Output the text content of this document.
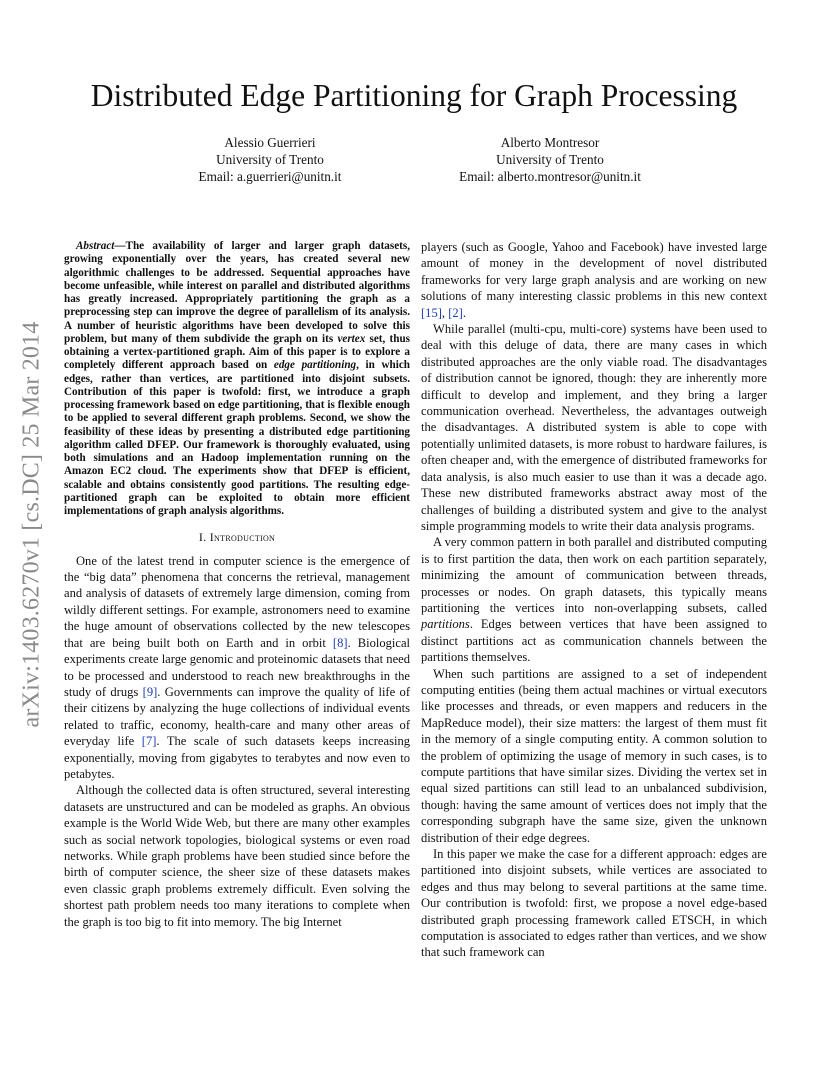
arXiv:1403.6270v1 [cs.DC] 25 Mar 2014
Distributed Edge Partitioning for Graph Processing
Alessio Guerrieri
University of Trento
Email: a.guerrieri@unitn.it
Alberto Montresor
University of Trento
Email: alberto.montresor@unitn.it

Abstract—The availability of larger and larger graph datasets, growing exponentially over the years, has created several new algorithmic challenges to be addressed. Sequential approaches have become unfeasible, while interest on parallel and distributed algorithms has greatly increased. Appropriately partitioning the graph as a preprocessing step can improve the degree of parallelism of its analysis. A number of heuristic algorithms have been developed to solve this problem, but many of them subdivide the graph on its vertex set, thus obtaining a vertex-partitioned graph. Aim of this paper is to explore a completely different approach based on edge partitioning, in which edges, rather than vertices, are partitioned into disjoint subsets. Contribution of this paper is twofold: first, we introduce a graph processing framework based on edge partitioning, that is flexible enough to be applied to several different graph problems. Second, we show the feasibility of these ideas by presenting a distributed edge partitioning algorithm called DFEP. Our framework is thoroughly evaluated, using both simulations and an Hadoop implementation running on the Amazon EC2 cloud. The experiments show that DFEP is efficient, scalable and obtains consistently good partitions. The resulting edge-partitioned graph can be exploited to obtain more efficient implementations of graph analysis algorithms.

I. Introduction

One of the latest trend in computer science is the emergence of the “big data” phenomena that concerns the retrieval, management and analysis of datasets of extremely large dimension, coming from wildly different settings. For example, astronomers need to examine the huge amount of observations collected by the new telescopes that are being built both on Earth and in orbit [8]. Biological experiments create large genomic and proteinomic datasets that need to be processed and understood to reach new breakthroughs in the study of drugs [9]. Governments can improve the quality of life of their citizens by analyzing the huge collections of individual events related to traffic, economy, health-care and many other areas of everyday life [7]. The scale of such datasets keeps increasing exponentially, moving from gigabytes to terabytes and now even to petabytes.

Although the collected data is often structured, several interesting datasets are unstructured and can be modeled as graphs. An obvious example is the World Wide Web, but there are many other examples such as social network topologies, biological systems or even road networks. While graph problems have been studied since before the birth of computer science, the sheer size of these datasets makes even classic graph problems extremely difficult. Even solving the shortest path problem needs too many iterations to complete when the graph is too big to fit into memory. The big Internet

players (such as Google, Yahoo and Facebook) have invested large amount of money in the development of novel distributed frameworks for very large graph analysis and are working on new solutions of many interesting classic problems in this new context [15], [2].

While parallel (multi-cpu, multi-core) systems have been used to deal with this deluge of data, there are many cases in which distributed approaches are the only viable road. The disadvantages of distribution cannot be ignored, though: they are inherently more difficult to develop and implement, and they bring a larger communication overhead. Nevertheless, the advantages outweigh the disadvantages. A distributed system is able to cope with potentially unlimited datasets, is more robust to hardware failures, is often cheaper and, with the emergence of distributed frameworks for data analysis, is also much easier to use than it was a decade ago. These new distributed frameworks abstract away most of the challenges of building a distributed system and give to the analyst simple programming models to write their data analysis programs.

A very common pattern in both parallel and distributed computing is to first partition the data, then work on each partition separately, minimizing the amount of communication between threads, processes or nodes. On graph datasets, this typically means partitioning the vertices into non-overlapping subsets, called partitions. Edges between vertices that have been assigned to distinct partitions act as communication channels between the partitions themselves.

When such partitions are assigned to a set of independent computing entities (being them actual machines or virtual executors like processes and threads, or even mappers and reducers in the MapReduce model), their size matters: the largest of them must fit in the memory of a single computing entity. A common solution to the problem of optimizing the usage of memory in such cases, is to compute partitions that have similar sizes. Dividing the vertex set in equal sized partitions can still lead to an unbalanced subdivision, though: having the same amount of vertices does not imply that the corresponding subgraph have the same size, given the unknown distribution of their edge degrees.

In this paper we make the case for a different approach: edges are partitioned into disjoint subsets, while vertices are associated to edges and thus may belong to several partitions at the same time. Our contribution is twofold: first, we propose a novel edge-based distributed graph processing framework called ETSCH, in which computation is associated to edges rather than vertices, and we show that such framework can
